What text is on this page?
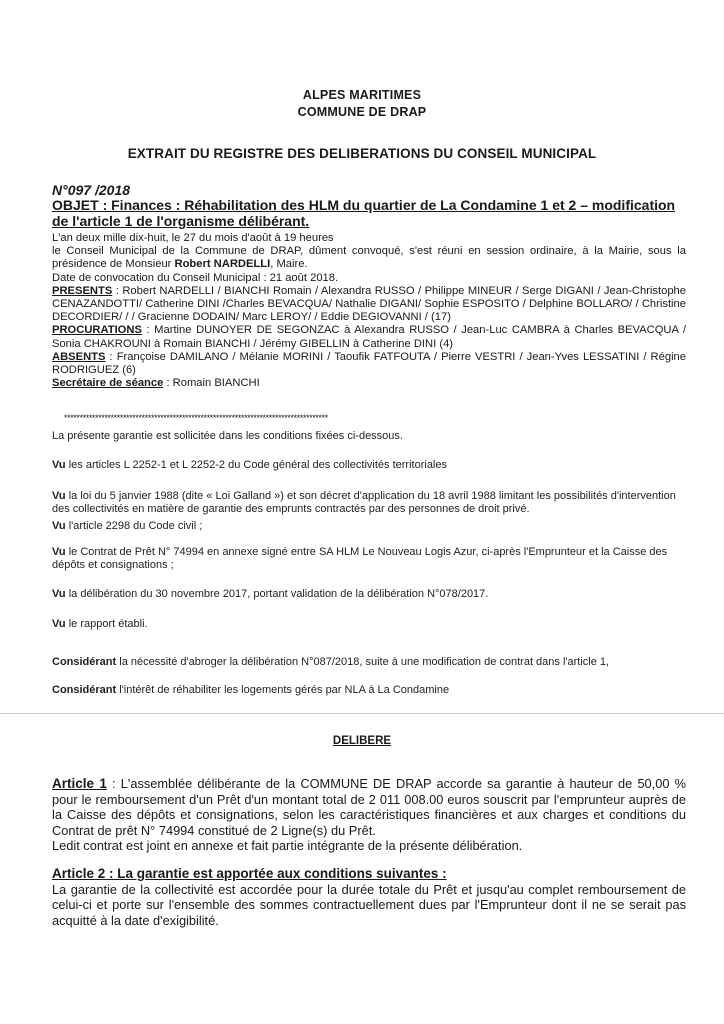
ALPES MARITIMES
COMMUNE DE DRAP
EXTRAIT DU REGISTRE DES DELIBERATIONS DU CONSEIL MUNICIPAL
N°097 /2018
OBJET : Finances : Réhabilitation des HLM du quartier de La Condamine 1 et 2 – modification de l'article 1 de l'organisme délibérant.
L'an deux mille dix-huit, le 27 du mois d'août à 19 heures
le Conseil Municipal de la Commune de DRAP, dûment convoqué, s'est réuni en session ordinaire, à la Mairie, sous la présidence de Monsieur Robert NARDELLI, Maire.
Date de convocation du Conseil Municipal : 21 août 2018.
PRESENTS : Robert NARDELLI / BIANCHI Romain / Alexandra RUSSO / Philippe MINEUR / Serge DIGANI / Jean-Christophe CENAZANDOTTI/ Catherine DINI /Charles BEVACQUA/ Nathalie DIGANI/ Sophie ESPOSITO / Delphine BOLLARO/ / Christine DECORDIER/ / / Gracienne DODAIN/ Marc LEROY/ / Eddie DEGIOVANNI / (17)
PROCURATIONS : Martine DUNOYER DE SEGONZAC à Alexandra RUSSO / Jean-Luc CAMBRA à Charles BEVACQUA / Sonia CHAKROUNI à Romain BIANCHI / Jérémy GIBELLIN à Catherine DINI (4)
ABSENTS : Françoise DAMILANO / Mélanie MORINI / Taoufik FATFOUTA / Pierre VESTRI / Jean-Yves LESSATINI / Régine RODRIGUEZ (6)
Secrétaire de séance : Romain BIANCHI
*************************************************************************************
La présente garantie est sollicitée dans les conditions fixées ci-dessous.
Vu les articles L 2252-1 et L 2252-2 du Code général des collectivités territoriales
Vu la loi du 5 janvier 1988 (dite « Loi Galland ») et son décret d'application du 18 avril 1988 limitant les possibilités d'intervention des collectivités en matière de garantie des emprunts contractés par des personnes de droit privé.
Vu l'article 2298 du Code civil ;
Vu le Contrat de Prêt N° 74994 en annexe signé entre SA HLM Le Nouveau Logis Azur, ci-après l'Emprunteur et la Caisse des dépôts et consignations ;
Vu la délibération du 30 novembre 2017, portant validation de la délibération N°078/2017.
Vu le rapport établi.
Considérant la nécessité d'abroger la délibération N°087/2018, suite à une modification de contrat dans l'article 1,
Considérant l'intérêt de réhabiliter les logements gérés par NLA à La Condamine
DELIBERE
Article 1 : L'assemblée délibérante de la COMMUNE DE DRAP accorde sa garantie à hauteur de 50,00 % pour le remboursement d'un Prêt d'un montant total de 2 011 008.00 euros souscrit par l'emprunteur auprès de la Caisse des dépôts et consignations, selon les caractéristiques financières et aux charges et conditions du Contrat de prêt N° 74994 constitué de 2 Ligne(s) du Prêt.
Ledit contrat est joint en annexe et fait partie intégrante de la présente délibération.
Article 2 : La garantie est apportée aux conditions suivantes :
La garantie de la collectivité est accordée pour la durée totale du Prêt et jusqu'au complet remboursement de celui-ci et porte sur l'ensemble des sommes contractuellement dues par l'Emprunteur dont il ne se serait pas acquitté à la date d'exigibilité.
